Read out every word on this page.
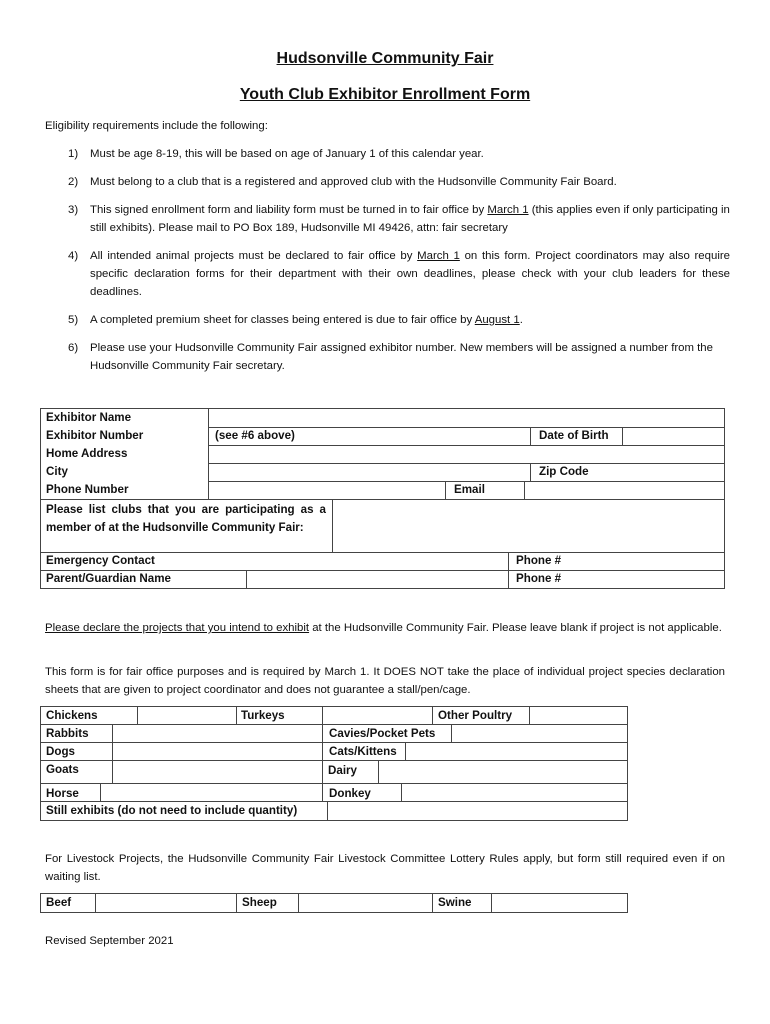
Hudsonville Community Fair
Youth Club Exhibitor Enrollment Form
Eligibility requirements include the following:
1) Must be age 8-19, this will be based on age of January 1 of this calendar year.
2) Must belong to a club that is a registered and approved club with the Hudsonville Community Fair Board.
3) This signed enrollment form and liability form must be turned in to fair office by March 1 (this applies even if only participating in still exhibits). Please mail to PO Box 189, Hudsonville MI 49426, attn: fair secretary
4) All intended animal projects must be declared to fair office by March 1 on this form. Project coordinators may also require specific declaration forms for their department with their own deadlines, please check with your club leaders for these deadlines.
5) A completed premium sheet for classes being entered is due to fair office by August 1.
6) Please use your Hudsonville Community Fair assigned exhibitor number. New members will be assigned a number from the Hudsonville Community Fair secretary.
Exhibitor Name
Exhibitor Number	(see #6 above)	Date of Birth
Home Address
City	Zip Code
Phone Number	Email
Please list clubs that you are participating as a member of at the Hudsonville Community Fair:
Emergency Contact	Phone #
Parent/Guardian Name	Phone #
Please declare the projects that you intend to exhibit at the Hudsonville Community Fair. Please leave blank if project is not applicable.
This form is for fair office purposes and is required by March 1. It DOES NOT take the place of individual project species declaration sheets that are given to project coordinator and does not guarantee a stall/pen/cage.
Chickens	Turkeys	Other Poultry
Rabbits	Cavies/Pocket Pets
Dogs	Cats/Kittens
Goats	Dairy
Horse	Donkey
Still exhibits (do not need to include quantity)
For Livestock Projects, the Hudsonville Community Fair Livestock Committee Lottery Rules apply, but form still required even if on waiting list.
Beef	Sheep	Swine
Revised September 2021
